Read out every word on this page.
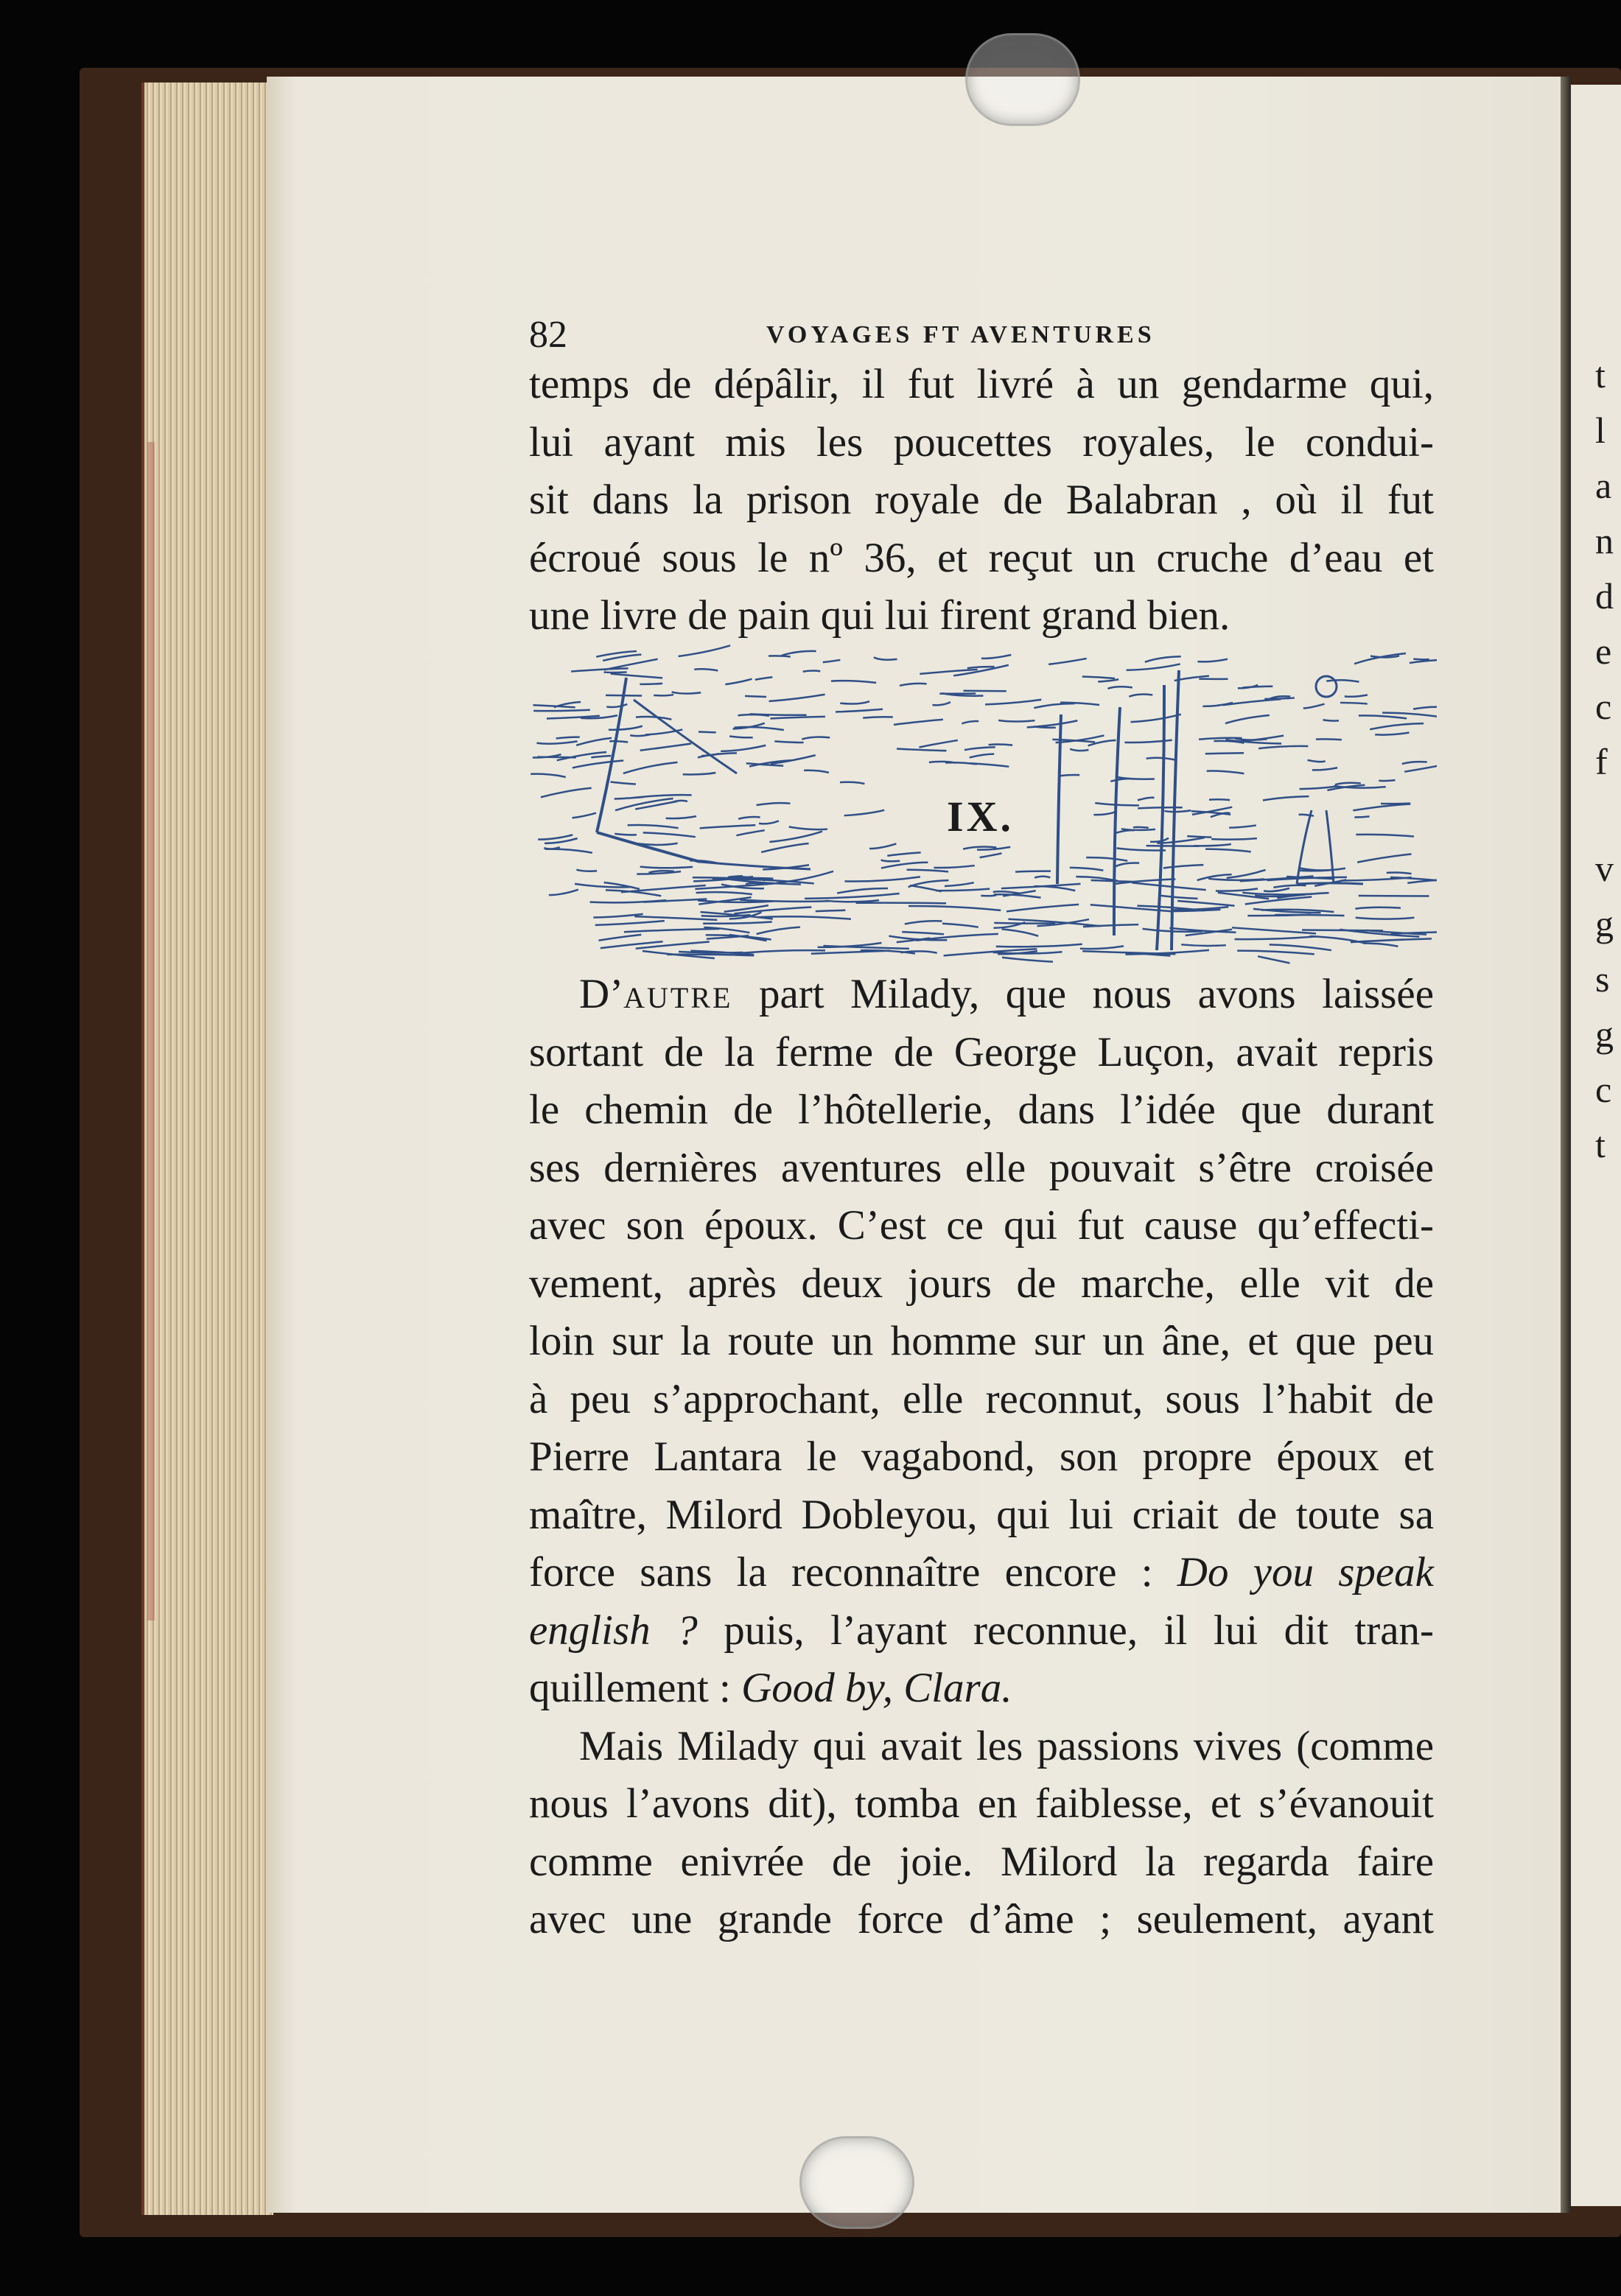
t
l
a
n
d
e
c
f
v
g
s
g
c
t
82	VOYAGES FT AVENTURES
temps de dépâlir, il fut livré à un gendarme qui,
lui ayant mis les poucettes royales, le condui-
sit dans la prison royale de Balabran , où il fut
écroué sous le nº 36, et reçut un cruche d’eau et
une livre de pain qui lui firent grand bien.
D’autre part Milady, que nous avons laissée
sortant de la ferme de George Luçon, avait repris
le chemin de l’hôtellerie, dans l’idée que durant
ses dernières aventures elle pouvait s’être croisée
avec son époux. C’est ce qui fut cause qu’effecti-
vement, après deux jours de marche, elle vit de
loin sur la route un homme sur un âne, et que peu
à peu s’approchant, elle reconnut, sous l’habit de
Pierre Lantara le vagabond, son propre époux et
maître, Milord Dobleyou, qui lui criait de toute sa
force sans la reconnaître encore : Do you speak
english ? puis, l’ayant reconnue, il lui dit tran-
quillement : Good by, Clara.
Mais Milady qui avait les passions vives (comme
nous l’avons dit), tomba en faiblesse, et s’évanouit
comme enivrée de joie. Milord la regarda faire
avec une grande force d’âme ; seulement, ayant
IX.
